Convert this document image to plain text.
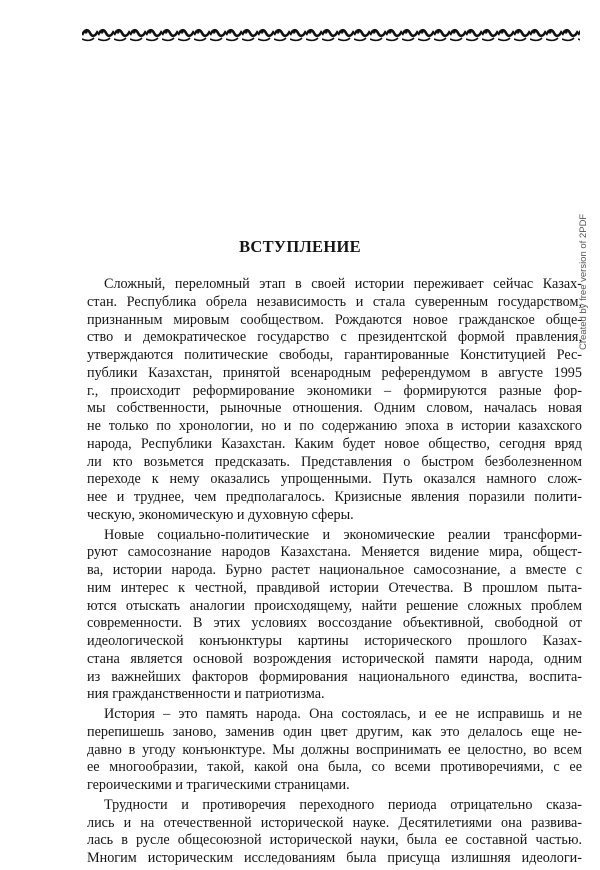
Created by free version of 2PDF
ВСТУПЛЕНИЕ
Сложный, переломный этап в своей истории переживает сейчас Казах-
стан. Республика обрела независимость и стала суверенным государством,
признанным мировым сообществом. Рождаются новое гражданское обще-
ство и демократическое государство с президентской формой правления,
утверждаются политические свободы, гарантированные Конституцией Рес-
публики Казахстан, принятой всенародным референдумом в августе 1995
г., происходит реформирование экономики – формируются разные фор-
мы собственности, рыночные отношения. Одним словом, началась новая
не только по хронологии, но и по содержанию эпоха в истории казахского
народа, Республики Казахстан. Каким будет новое общество, сегодня вряд
ли кто возьмется предсказать. Представления о быстром безболезненном
переходе к нему оказались упрощенными. Путь оказался намного слож-
нее и труднее, чем предполагалось. Кризисные явления поразили полити-
ческую, экономическую и духовную сферы.
Новые социально-политические и экономические реалии трансформи-
руют самосознание народов Казахстана. Меняется видение мира, общест-
ва, истории народа. Бурно растет национальное самосознание, а вместе с
ним интерес к честной, правдивой истории Отечества. В прошлом пыта-
ются отыскать аналогии происходящему, найти решение сложных проблем
современности. В этих условиях воссоздание объективной, свободной от
идеологической конъюнктуры картины исторического прошлого Казах-
стана является основой возрождения исторической памяти народа, одним
из важнейших факторов формирования национального единства, воспита-
ния гражданственности и патриотизма.
История – это память народа. Она состоялась, и ее не исправишь и не
перепишешь заново, заменив один цвет другим, как это делалось еще не-
давно в угоду конъюнктуре. Мы должны воспринимать ее целостно, во всем
ее многообразии, такой, какой она была, со всеми противоречиями, с ее
героическими и трагическими страницами.
Трудности и противоречия переходного периода отрицательно сказа-
лись и на отечественной исторической науке. Десятилетиями она развива-
лась в русле общесоюзной исторической науки, была ее составной частью.
Многим историческим исследованиям была присуща излишняя идеологи-
